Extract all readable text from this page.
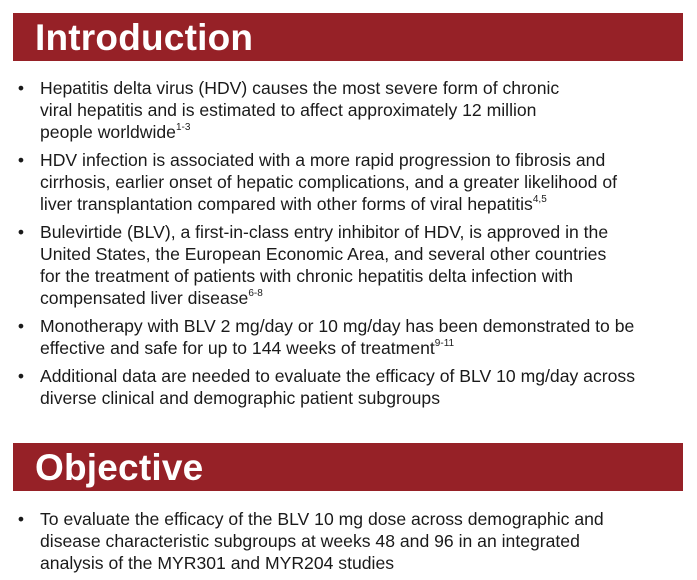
Introduction
• Hepatitis delta virus (HDV) causes the most severe form of chronic
viral hepatitis and is estimated to affect approximately 12 million
people worldwide$^{1-3}$
• HDV infection is associated with a more rapid progression to fibrosis and
cirrhosis, earlier onset of hepatic complications, and a greater likelihood of
liver transplantation compared with other forms of viral hepatitis$^{4,5}$
• Bulevirtide (BLV), a first-in-class entry inhibitor of HDV, is approved in the
United States, the European Economic Area, and several other countries
for the treatment of patients with chronic hepatitis delta infection with
compensated liver disease$^{6-8}$
• Monotherapy with BLV 2 mg/day or 10 mg/day has been demonstrated to be
effective and safe for up to 144 weeks of treatment$^{9-11}$
• Additional data are needed to evaluate the efficacy of BLV 10 mg/day across
diverse clinical and demographic patient subgroups
Objective
• To evaluate the efficacy of the BLV 10 mg dose across demographic and
disease characteristic subgroups at weeks 48 and 96 in an integrated
analysis of the MYR301 and MYR204 studies
